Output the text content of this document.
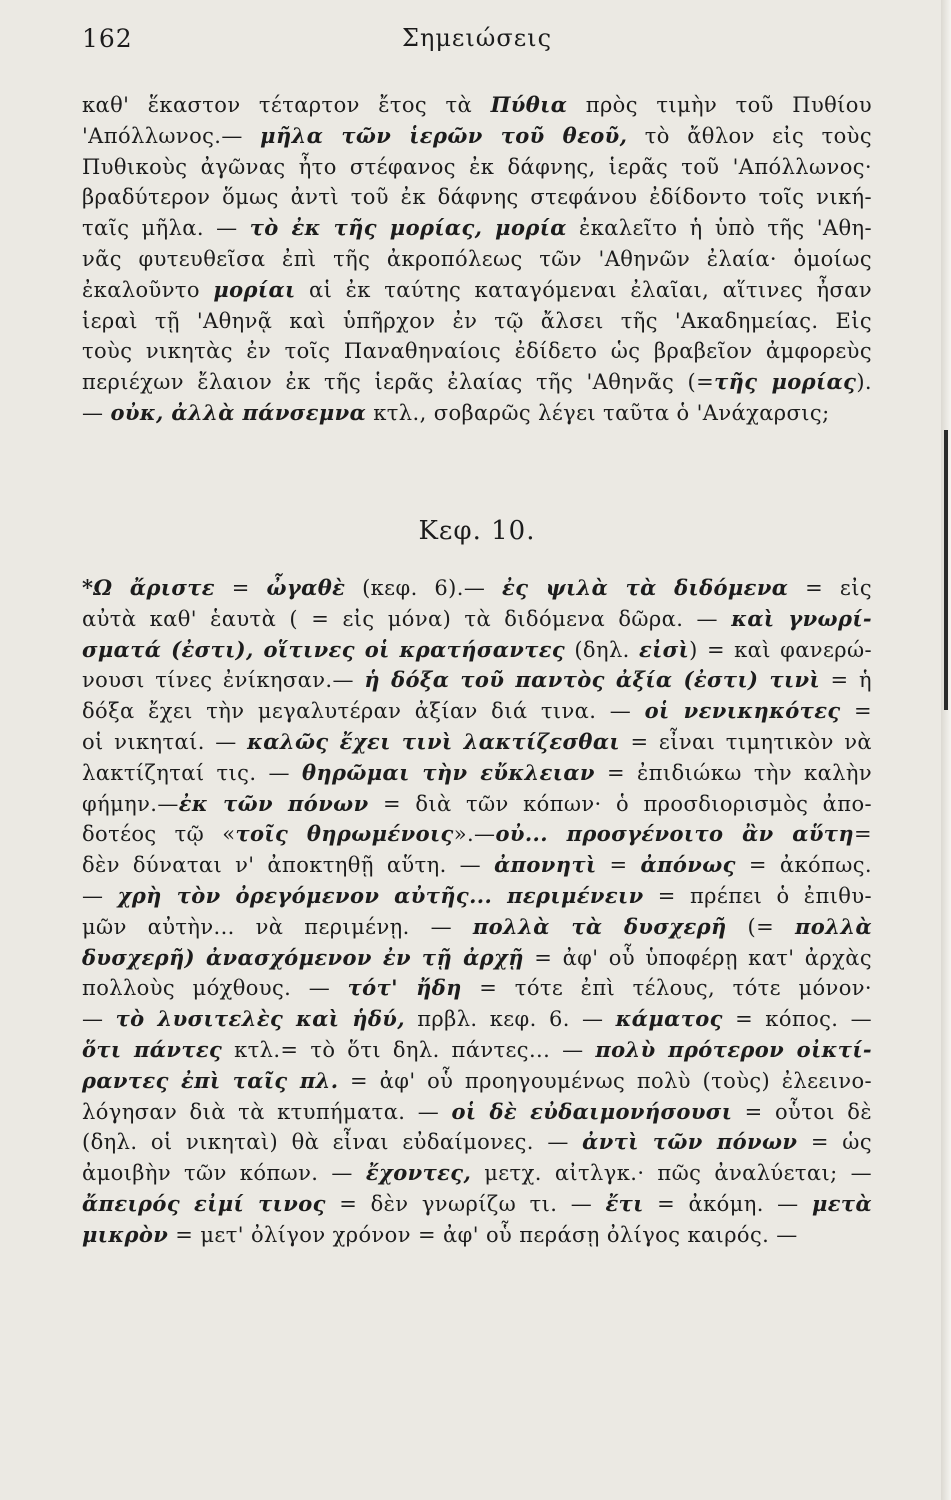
162	Σημειώσεις
καθ' ἕκαστον τέταρτον ἔτος τὰ Πύθια πρὸς τιμὴν τοῦ Πυθίου
'Απόλλωνος.— μῆλα τῶν ἱερῶν τοῦ θεοῦ, τὸ ἄθλον εἰς τοὺς
Πυθικοὺς ἀγῶνας ἦτο στέφανος ἐκ δάφνης, ἱερᾶς τοῦ 'Απόλλωνος·
βραδύτερον ὅμως ἀντὶ τοῦ ἐκ δάφνης στεφάνου ἐδίδοντο τοῖς νική-
ταῖς μῆλα. — τὸ ἐκ τῆς μορίας, μορία ἐκαλεῖτο ἡ ὑπὸ τῆς 'Αθη-
νᾶς φυτευθεῖσα ἐπὶ τῆς ἀκροπόλεως τῶν 'Αθηνῶν ἐλαία· ὁμοίως
ἐκαλοῦντο μορίαι αἱ ἐκ ταύτης καταγόμεναι ἐλαῖαι, αἵτινες ἦσαν
ἱεραὶ τῇ 'Αθηνᾷ καὶ ὑπῆρχον ἐν τῷ ἄλσει τῆς 'Ακαδημείας. Εἰς
τοὺς νικητὰς ἐν τοῖς Παναθηναίοις ἐδίδετο ὡς βραβεῖον ἀμφορεὺς
περιέχων ἔλαιον ἐκ τῆς ἱερᾶς ἐλαίας τῆς 'Αθηνᾶς (=τῆς μορίας).
— οὐκ, ἀλλὰ πάνσεμνα κτλ., σοβαρῶς λέγει ταῦτα ὁ 'Ανάχαρσις;
Κεφ. 10.
*Ω ἄριστε = ὦγαθὲ (κεφ. 6).— ἐς ψιλὰ τὰ διδόμενα = εἰς
αὐτὰ καθ' ἑαυτὰ ( = εἰς μόνα) τὰ διδόμενα δῶρα. — καὶ γνωρί-
σματά (ἐστι), οἵτινες οἱ κρατήσαντες (δηλ. εἰσὶ) = καὶ φανερώ-
νουσι τίνες ἐνίκησαν.— ἡ δόξα τοῦ παντὸς ἀξία (ἐστι) τινὶ = ἡ
δόξα ἔχει τὴν μεγαλυτέραν ἀξίαν διά τινα. — οἱ νενικηκότες =
οἱ νικηταί. — καλῶς ἔχει τινὶ λακτίζεσθαι = εἶναι τιμητικὸν νὰ
λακτίζηταί τις. — θηρῶμαι τὴν εὔκλειαν = ἐπιδιώκω τὴν καλὴν
φήμην.—ἐκ τῶν πόνων = διὰ τῶν κόπων· ὁ προσδιορισμὸς ἀπο-
δοτέος τῷ «τοῖς θηρωμένοις».—οὐ... προσγένοιτο ἂν αὕτη=
δὲν δύναται ν' ἀποκτηθῇ αὕτη. — ἀπονητὶ = ἀπόνως = ἀκόπως.
— χρὴ τὸν ὀρεγόμενον αὐτῆς... περιμένειν = πρέπει ὁ ἐπιθυ-
μῶν αὐτὴν... νὰ περιμένῃ. — πολλὰ τὰ δυσχερῆ (= πολλὰ
δυσχερῆ) ἀνασχόμενον ἐν τῇ ἀρχῇ = ἀφ' οὗ ὑποφέρῃ κατ' ἀρχὰς
πολλοὺς μόχθους. — τότ' ἤδη = τότε ἐπὶ τέλους, τότε μόνον·
— τὸ λυσιτελὲς καὶ ἡδύ, πρβλ. κεφ. 6. — κάματος = κόπος. —
ὅτι πάντες κτλ.= τὸ ὅτι δηλ. πάντες... — πολὺ πρότερον οἰκτί-
ραντες ἐπὶ ταῖς πλ. = ἀφ' οὗ προηγουμένως πολὺ (τοὺς) ἐλεεινο-
λόγησαν διὰ τὰ κτυπήματα. — οἱ δὲ εὐδαιμονήσουσι = οὗτοι δὲ
(δηλ. οἱ νικηταὶ) θὰ εἶναι εὐδαίμονες. — ἀντὶ τῶν πόνων = ὡς
ἀμοιβὴν τῶν κόπων. — ἔχοντες, μετχ. αἰτλγκ.· πῶς ἀναλύεται; —
ἄπειρός εἰμί τινος = δὲν γνωρίζω τι. — ἔτι = ἀκόμη. — μετὰ
μικρὸν = μετ' ὀλίγον χρόνον = ἀφ' οὗ περάσῃ ὀλίγος καιρός. —
